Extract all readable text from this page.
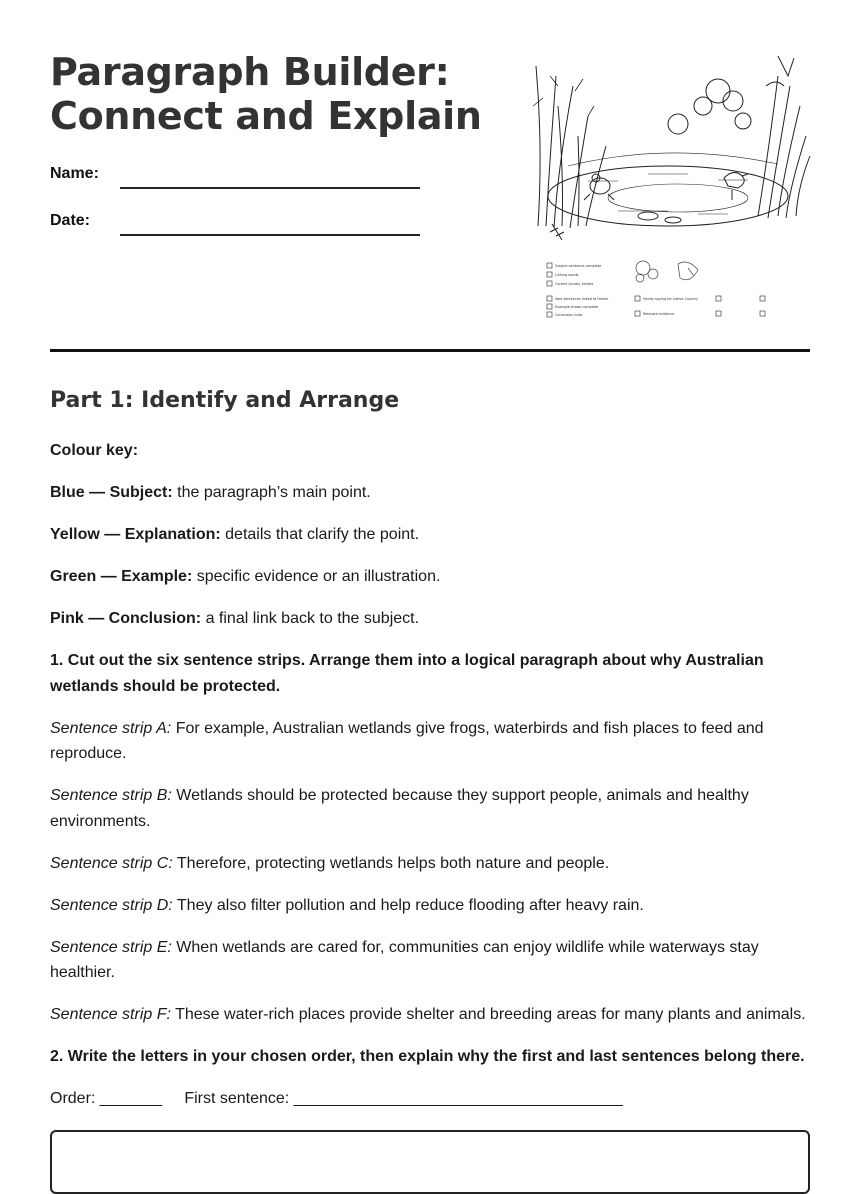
Paragraph Builder:
Connect and Explain
Name:
Date:
Subject sentence complete
Linking words
Correct plurals, tenses
Idea sentences linked to theme
Example shows complete
Conclusion links
Handy saying for native Country
Relevant evidence
Part 1: Identify and Arrange

Colour key:

Blue — Subject: the paragraph’s main point.

Yellow — Explanation: details that clarify the point.

Green — Example: specific evidence or an illustration.

Pink — Conclusion: a final link back to the subject.

1. Cut out the six sentence strips. Arrange them into a logical paragraph about why Australian wetlands should be protected.

Sentence strip A: For example, Australian wetlands give frogs, waterbirds and fish places to feed and reproduce.

Sentence strip B: Wetlands should be protected because they support people, animals and healthy environments.

Sentence strip C: Therefore, protecting wetlands helps both nature and people.

Sentence strip D: They also filter pollution and help reduce flooding after heavy rain.

Sentence strip E: When wetlands are cared for, communities can enjoy wildlife while waterways stay healthier.

Sentence strip F: These water-rich places provide shelter and breeding areas for many plants and animals.

2. Write the letters in your chosen order, then explain why the first and last sentences belong there.

Order: _______ First sentence: _____________________________________
